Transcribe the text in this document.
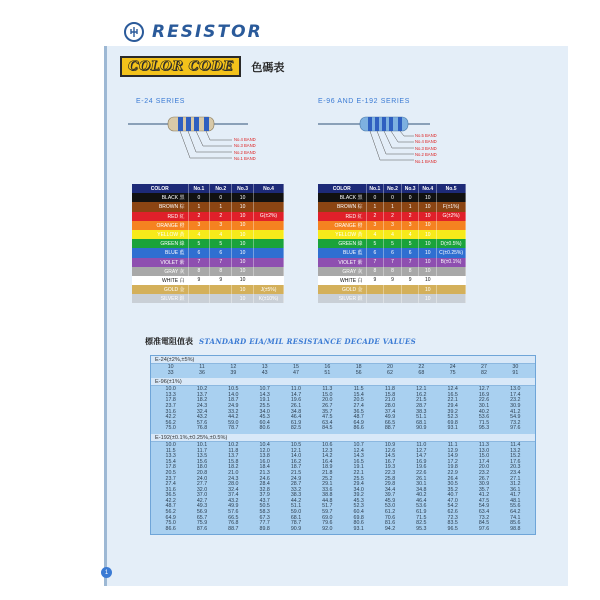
RESISTOR
COLOR CODE	色碼表
E-24 SERIES	E-96 AND E-192 SERIES
No.4 BAND
No.3 BAND
No.2 BAND
No.1 BAND
No.5 BAND
No.4 BAND
No.3 BAND
No.2 BAND
No.1 BAND
COLOR	No.1	No.2	No.3	No.4
BLACK 黑	0	0	10	
BROWN 棕	1	1	10	
RED 紅	2	2	10	G(±2%)
ORANGE 橙	3	3	10	
YELLOW 黃	4	4	10	
GREEN 綠	5	5	10	
BLUE 藍	6	6	10	
VIOLET 紫	7	7	10	
GRAY 灰	8	8	10	
WHITE 白	9	9	10	
GOLD 金			10	J(±5%)
SILVER 銀			10	K(±10%)
COLOR	No.1	No.2	No.3	No.4	No.5
BLACK 黑	0	0	0	10	
BROWN 棕	1	1	1	10	F(±1%)
RED 紅	2	2	2	10	G(±2%)
ORANGE 橙	3	3	3	10	
YELLOW 黃	4	4	4	10	
GREEN 綠	5	5	5	10	D(±0.5%)
BLUE 藍	6	6	6	10	C(±0.25%)
VIOLET 紫	7	7	7	10	B(±0.1%)
GRAY 灰	8	8	8	10	
WHITE 白	9	9	9	10	
GOLD 金				10	
SILVER 銀				10	
標准電阻值表 STANDARD EIA/MIL RESISTANCE DECADE VALUES
E-24(±2%,±5%)
10	11	12	13	15	16	18	20	22	24	27	30
33	36	39	43	47	51	56	62	68	75	82	91
E-96(±1%)
10.0	10.2	10.5	10.7	11.0	11.3	11.5	11.8	12.1	12.4	12.7	13.0
13.3	13.7	14.0	14.3	14.7	15.0	15.4	15.8	16.2	16.5	16.9	17.4
17.8	18.2	18.7	19.1	19.6	20.0	20.5	21.0	21.5	22.1	22.6	23.2
23.7	24.3	24.9	25.5	26.1	26.7	27.4	28.0	28.7	29.4	30.1	30.9
31.6	32.4	33.2	34.0	34.8	35.7	36.5	37.4	38.3	39.2	40.2	41.2
42.2	43.2	44.2	45.3	46.4	47.5	48.7	49.9	51.1	52.3	53.6	54.9
56.2	57.6	59.0	60.4	61.9	63.4	64.9	66.5	68.1	69.8	71.5	73.2
75.0	76.8	78.7	80.6	82.5	84.5	86.6	88.7	90.9	93.1	95.3	97.6
E-192(±0.1%,±0.25%,±0.5%)
10.0	10.1	10.2	10.4	10.5	10.6	10.7	10.9	11.0	11.1	11.3	11.4
11.5	11.7	11.8	12.0	12.1	12.3	12.4	12.6	12.7	12.9	13.0	13.2
13.3	13.5	13.7	13.8	14.0	14.2	14.3	14.5	14.7	14.9	15.0	15.2
15.4	15.6	15.8	16.0	16.2	16.4	16.5	16.7	16.9	17.2	17.4	17.6
17.8	18.0	18.2	18.4	18.7	18.9	19.1	19.3	19.6	19.8	20.0	20.3
20.5	20.8	21.0	21.3	21.5	21.8	22.1	22.3	22.6	22.9	23.2	23.4
23.7	24.0	24.3	24.6	24.9	25.2	25.5	25.8	26.1	26.4	26.7	27.1
27.4	27.7	28.0	28.4	28.7	29.1	29.4	29.8	30.1	30.5	30.9	31.2
31.6	32.0	32.4	32.8	33.2	33.6	34.0	34.4	34.8	35.2	35.7	36.1
36.5	37.0	37.4	37.9	38.3	38.8	39.2	39.7	40.2	40.7	41.2	41.7
42.2	42.7	43.2	43.7	44.2	44.8	45.3	45.9	46.4	47.0	47.5	48.1
48.7	49.3	49.9	50.5	51.1	51.7	52.3	53.0	53.6	54.2	54.9	55.6
56.2	56.9	57.6	58.3	59.0	59.7	60.4	61.2	61.9	62.6	63.4	64.2
64.9	65.7	66.5	67.3	68.1	69.0	69.8	70.6	71.5	72.3	73.2	74.1
75.0	75.9	76.8	77.7	78.7	79.6	80.6	81.6	82.5	83.5	84.5	85.6
86.6	87.6	88.7	89.8	90.9	92.0	93.1	94.2	95.3	96.5	97.6	98.8
1
